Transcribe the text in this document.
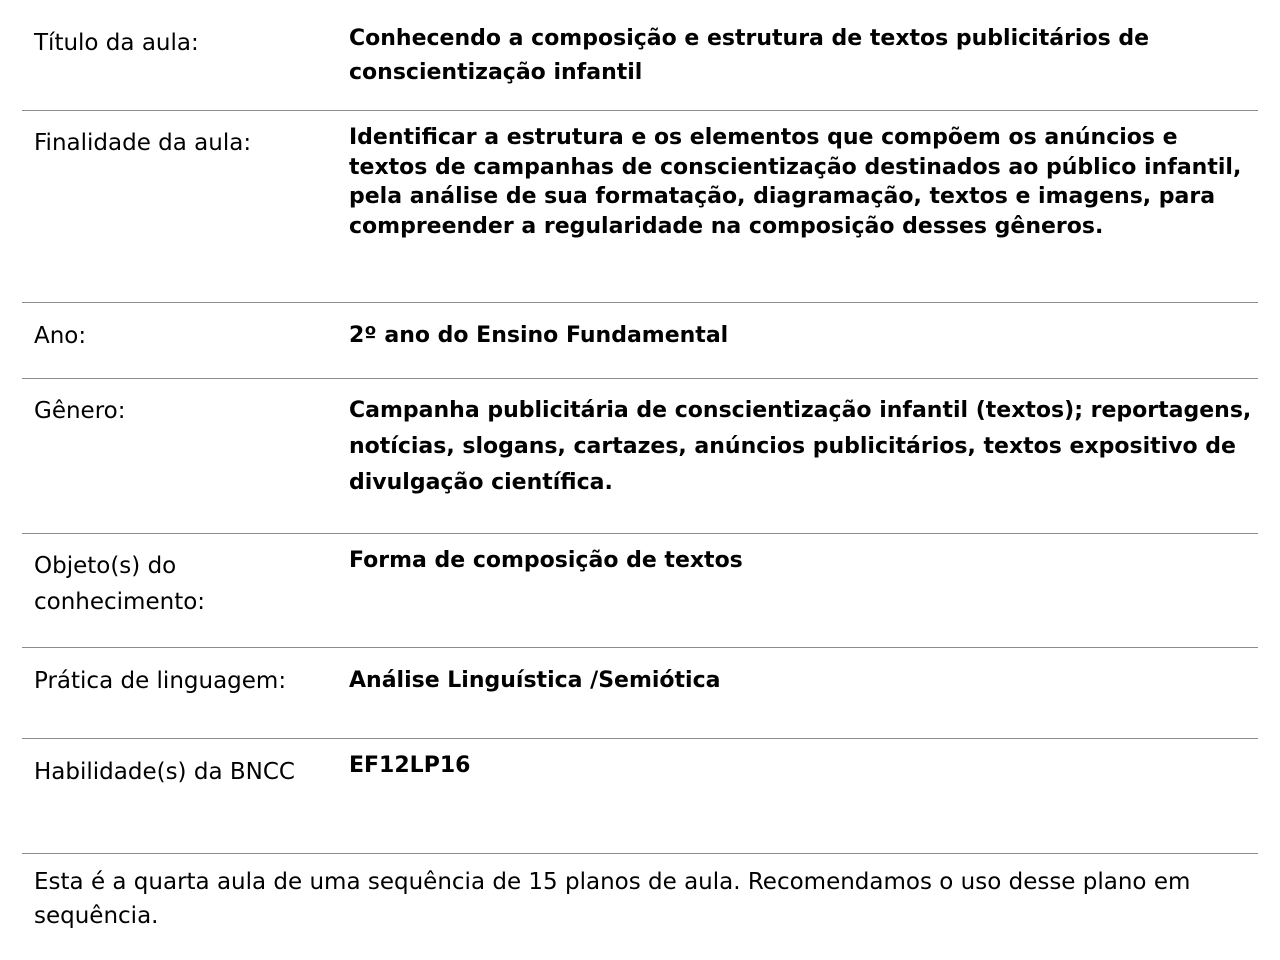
Título da aula:	Conhecendo a composição e estrutura de textos publicitários de conscientização infantil
Finalidade da aula:	Identificar a estrutura e os elementos que compõem os anúncios e textos de campanhas de conscientização destinados ao público infantil, pela análise de sua formatação, diagramação, textos e imagens, para compreender a regularidade na composição desses gêneros.
Ano:	2º ano do Ensino Fundamental
Gênero:	Campanha publicitária de conscientização infantil (textos); reportagens, notícias, slogans, cartazes, anúncios publicitários, textos expositivo de divulgação científica.
Objeto(s) do conhecimento:
Forma de composição de textos
Prática de linguagem:	Análise Linguística /Semiótica
Habilidade(s) da BNCC	EF12LP16
Esta é a quarta aula de uma sequência de 15 planos de aula. Recomendamos o uso desse plano em sequência.
